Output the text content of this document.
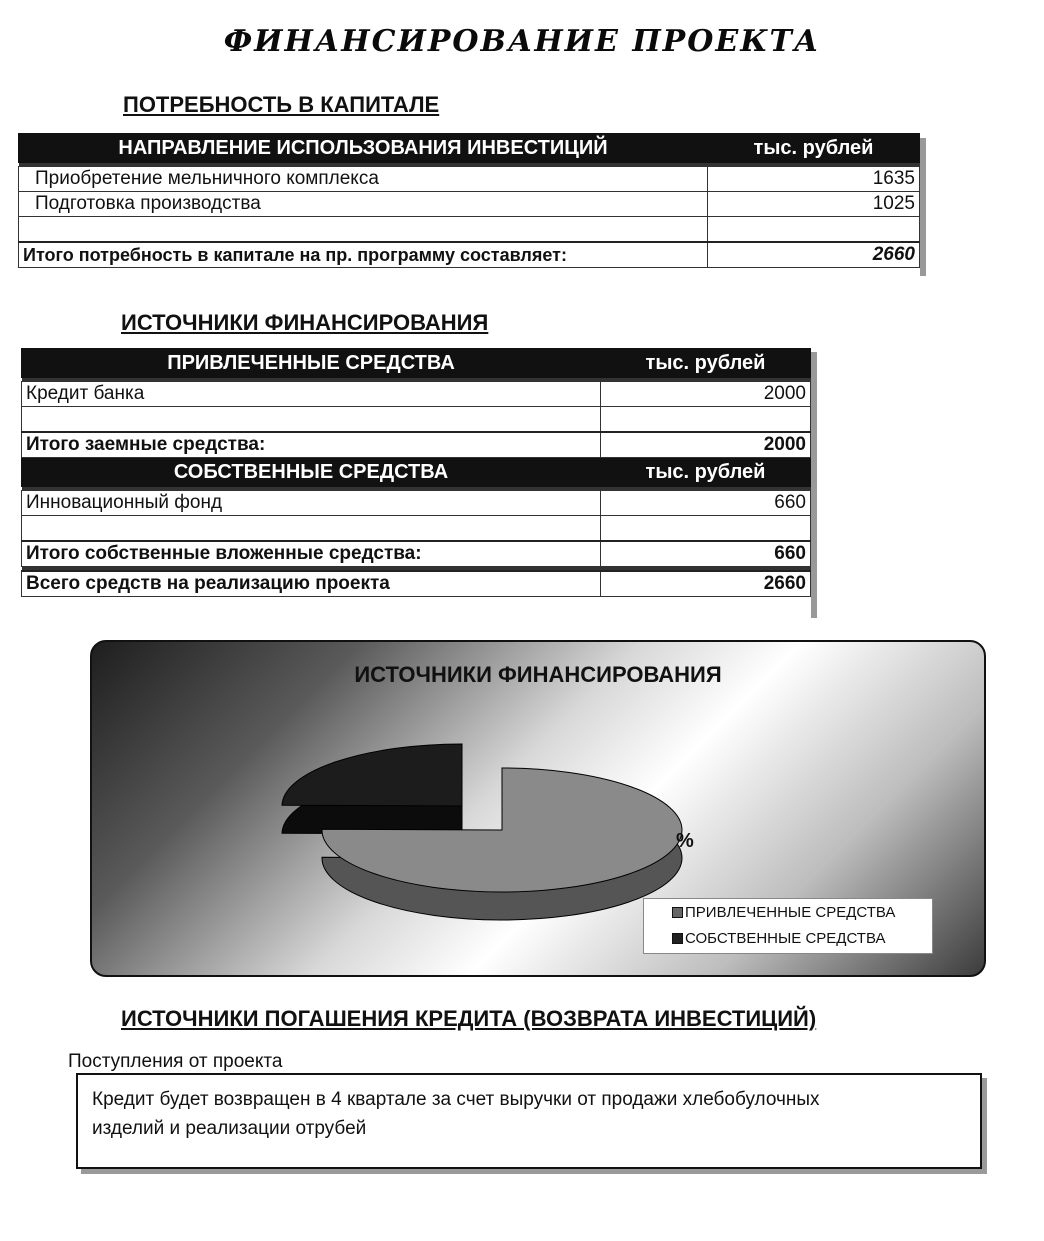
ФИНАНСИРОВАНИЕ ПРОЕКТА
ПОТРЕБНОСТЬ В КАПИТАЛЕ
НАПРАВЛЕНИЕ ИСПОЛЬЗОВАНИЯ ИНВЕСТИЦИЙ	тыс. рублей

Приобретение мельничного комплекса	1635
Подготовка производства	1025

Итого потребность в капитале на пр. программу составляет:	2660
ИСТОЧНИКИ ФИНАНСИРОВАНИЯ
ПРИВЛЕЧЕННЫЕ СРЕДСТВА	тыс. рублей

Кредит банка	2000

Итого заемные средства:	2000
СОБСТВЕННЫЕ СРЕДСТВА	тыс. рублей

Инновационный фонд	660

Итого собственные вложенные средства:	660

Всего средств на реализацию проекта	2660
ИСТОЧНИКИ ФИНАНСИРОВАНИЯ
%
ПРИВЛЕЧЕННЫЕ СРЕДСТВА
СОБСТВЕННЫЕ СРЕДСТВА
ИСТОЧНИКИ ПОГАШЕНИЯ КРЕДИТА (ВОЗВРАТА ИНВЕСТИЦИЙ)
Поступления от проекта
Кредит будет возвращен в 4 квартале за счет выручки от продажи хлебобулочных
изделий и реализации отрубей
